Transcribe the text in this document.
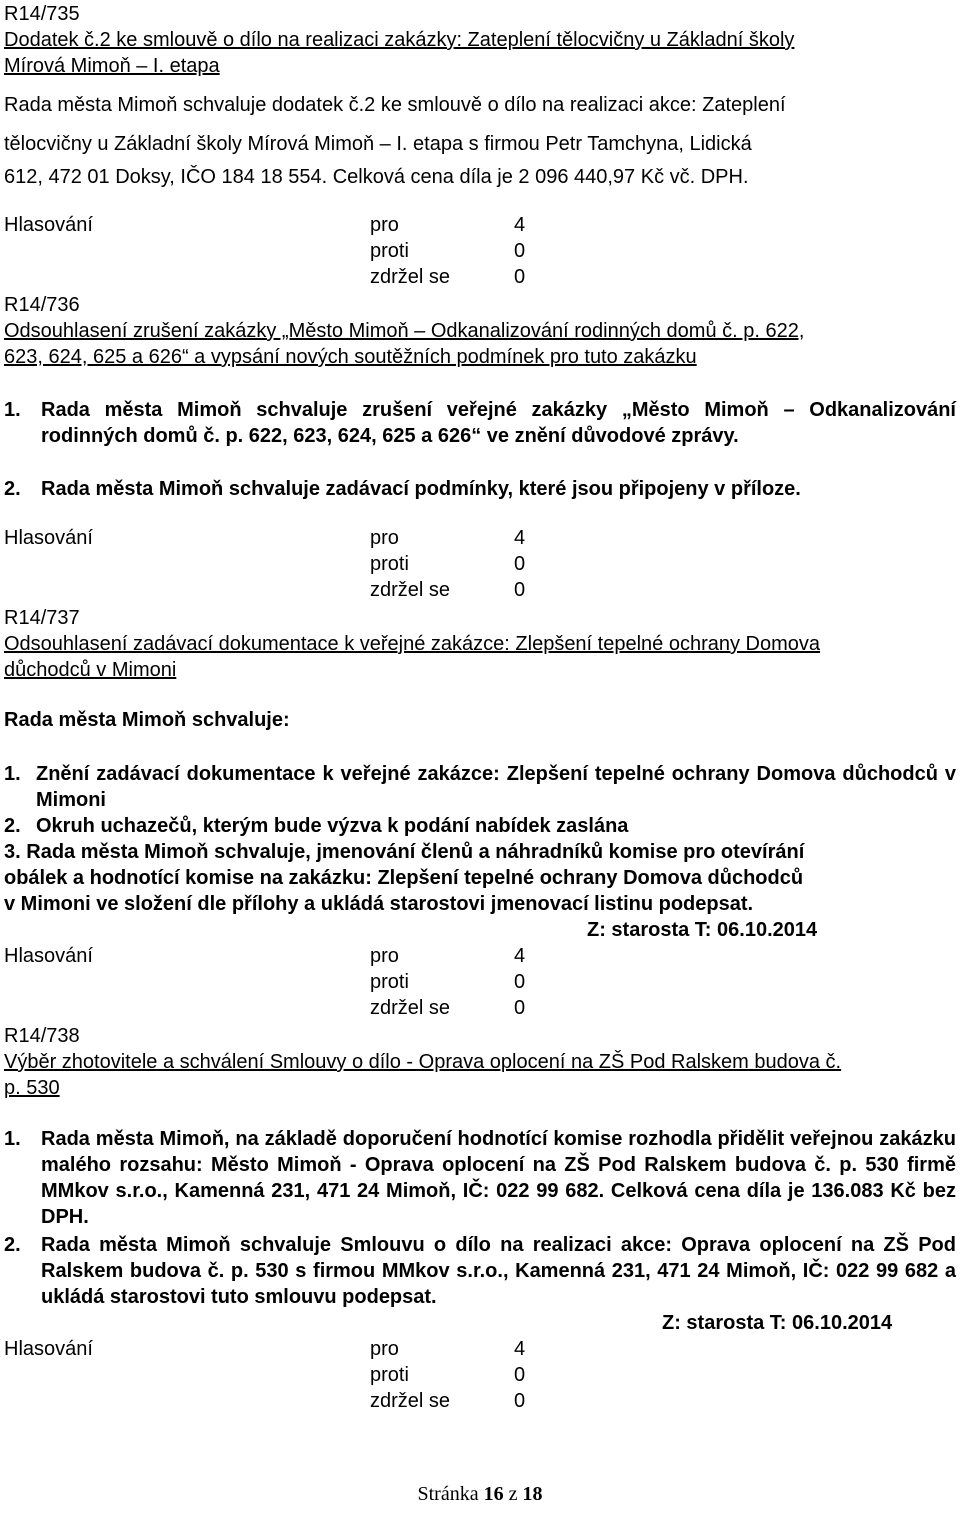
R14/735
Dodatek č.2 ke smlouvě o dílo na realizaci zakázky: Zateplení tělocvičny u Základní školy
Mírová Mimoň – I. etapa
Rada města Mimoň schvaluje dodatek č.2 ke smlouvě o dílo na realizaci akce: Zateplení
tělocvičny u Základní školy Mírová Mimoň – I. etapa s firmou Petr Tamchyna, Lidická
612, 472 01 Doksy, IČO 184 18 554. Celková cena díla je 2 096 440,97 Kč vč. DPH.
Hlasování	pro	4
proti	0
zdržel se	0
R14/736
Odsouhlasení zrušení zakázky „Město Mimoň – Odkanalizování rodinných domů č. p. 622,
623, 624, 625 a 626“ a vypsání nových soutěžních podmínek pro tuto zakázku
1. Rada města Mimoň schvaluje zrušení veřejné zakázky „Město Mimoň – Odkanalizování rodinných domů č. p. 622, 623, 624, 625 a 626“ ve znění důvodové zprávy.
2. Rada města Mimoň schvaluje zadávací podmínky, které jsou připojeny v příloze.
Hlasování	pro	4
proti	0
zdržel se	0
R14/737
Odsouhlasení zadávací dokumentace k veřejné zakázce: Zlepšení tepelné ochrany Domova
důchodců v Mimoni
Rada města Mimoň schvaluje:
1. Znění zadávací dokumentace k veřejné zakázce: Zlepšení tepelné ochrany Domova důchodců v Mimoni
2. Okruh uchazečů, kterým bude výzva k podání nabídek zaslána
3. Rada města Mimoň schvaluje, jmenování členů a náhradníků komise pro otevírání
obálek a hodnotící komise na zakázku: Zlepšení tepelné ochrany Domova důchodců
v Mimoni ve složení dle přílohy a ukládá starostovi jmenovací listinu podepsat.
Z: starosta T: 06.10.2014
Hlasování	pro	4
proti	0
zdržel se	0
R14/738
Výběr zhotovitele a schválení Smlouvy o dílo - Oprava oplocení na ZŠ Pod Ralskem budova č.
p. 530
1. Rada města Mimoň, na základě doporučení hodnotící komise rozhodla přidělit veřejnou zakázku malého rozsahu: Město Mimoň - Oprava oplocení na ZŠ Pod Ralskem budova č. p. 530 firmě MMkov s.r.o., Kamenná 231, 471 24 Mimoň, IČ: 022 99 682. Celková cena díla je 136.083 Kč bez DPH.
2. Rada města Mimoň schvaluje Smlouvu o dílo na realizaci akce: Oprava oplocení na ZŠ Pod Ralskem budova č. p. 530 s firmou MMkov s.r.o., Kamenná 231, 471 24 Mimoň, IČ: 022 99 682 a ukládá starostovi tuto smlouvu podepsat.
Z: starosta T: 06.10.2014
Hlasování	pro	4
proti	0
zdržel se	0
Stránka 16 z 18
